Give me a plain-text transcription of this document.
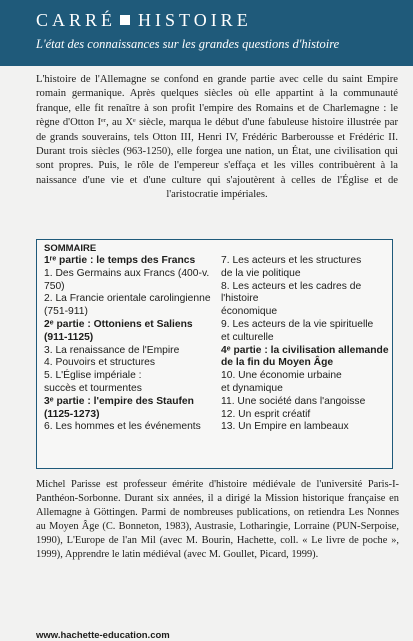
CARRÉ HISTOIRE
L'état des connaissances sur les grandes questions d'histoire

L'histoire de l'Allemagne se confond en grande partie avec celle du saint Empire romain germanique. Après quelques siècles où elle appartint à la communauté franque, elle fit renaître à son profit l'empire des Romains et de Charlemagne : le règne d'Otton Iᵉʳ, au Xᵉ siècle, marqua le début d'une fabuleuse histoire illustrée par de grands souverains, tels Otton III, Henri IV, Frédéric Barberousse et Frédéric II. Durant trois siècles (963-1250), elle forgea une nation, un État, une civilisation qui sont propres. Puis, le rôle de l'empereur s'effaça et les villes contribuèrent à la naissance d'une vie et d'une culture qui s'ajoutèrent à celles de l'Église et de l'aristocratie impériales.

SOMMAIRE
1ʳᵉ partie : le temps des Francs
1. Des Germains aux Francs (400-v. 750)
2. La Francie orientale carolingienne
(751-911)
2ᵉ partie : Ottoniens et Saliens
(911-1125)
3. La renaissance de l'Empire
4. Pouvoirs et structures
5. L'Église impériale :
succès et tourmentes
3ᵉ partie : l'empire des Staufen
(1125-1273)
6. Les hommes et les événements
7. Les acteurs et les structures
de la vie politique
8. Les acteurs et les cadres de l'histoire
économique
9. Les acteurs de la vie spirituelle
et culturelle
4ᵉ partie : la civilisation allemande
de la fin du Moyen Âge
10. Une économie urbaine
et dynamique
11. Une société dans l'angoisse
12. Un esprit créatif
13. Un Empire en lambeaux

Michel Parisse est professeur émérite d'histoire médiévale de l'université Paris-I-Panthéon-Sorbonne. Durant six années, il a dirigé la Mission historique française en Allemagne à Göttingen. Parmi de nombreuses publications, on retiendra Les Nonnes au Moyen Âge (C. Bonneton, 1983), Austrasie, Lotharingie, Lorraine (PUN-Serpoise, 1990), L'Europe de l'an Mil (avec M. Bourin, Hachette, coll. « Le livre de poche », 1999), Apprendre le latin médiéval (avec M. Goullet, Picard, 1999).

www.hachette-education.com
